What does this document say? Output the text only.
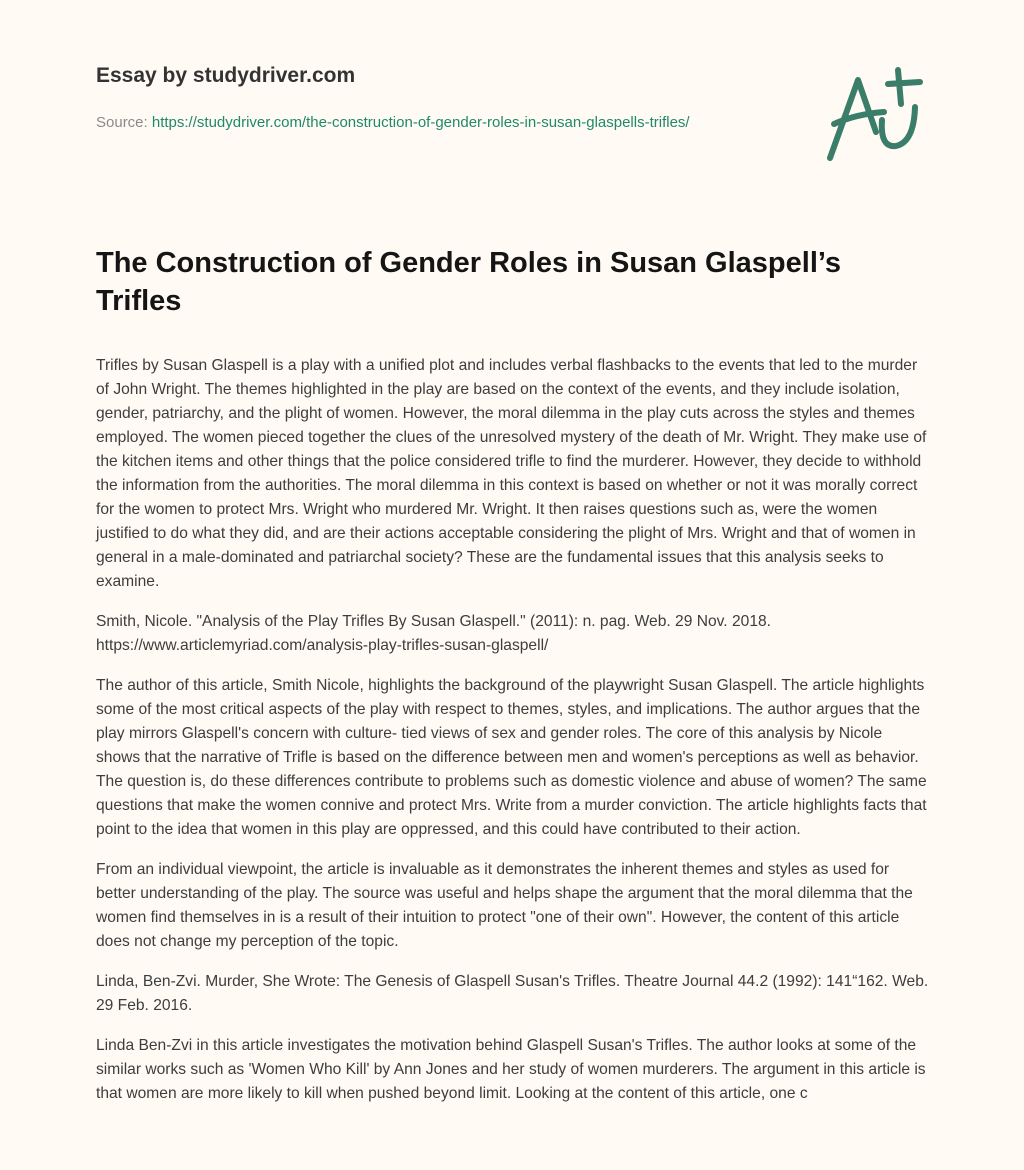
Essay by studydriver.com
Source: https://studydriver.com/the-construction-of-gender-roles-in-susan-glaspells-trifles/
The Construction of Gender Roles in Susan Glaspell’s Trifles

Trifles by Susan Glaspell is a play with a unified plot and includes verbal flashbacks to the events that led to the murder of John Wright. The themes highlighted in the play are based on the context of the events, and they include isolation, gender, patriarchy, and the plight of women. However, the moral dilemma in the play cuts across the styles and themes employed. The women pieced together the clues of the unresolved mystery of the death of Mr. Wright. They make use of the kitchen items and other things that the police considered trifle to find the murderer. However, they decide to withhold the information from the authorities. The moral dilemma in this context is based on whether or not it was morally correct for the women to protect Mrs. Wright who murdered Mr. Wright. It then raises questions such as, were the women justified to do what they did, and are their actions acceptable considering the plight of Mrs. Wright and that of women in general in a male-dominated and patriarchal society? These are the fundamental issues that this analysis seeks to examine.

Smith, Nicole. "Analysis of the Play Trifles By Susan Glaspell." (2011): n. pag. Web. 29 Nov. 2018. https://www.articlemyriad.com/analysis-play-trifles-susan-glaspell/

The author of this article, Smith Nicole, highlights the background of the playwright Susan Glaspell. The article highlights some of the most critical aspects of the play with respect to themes, styles, and implications. The author argues that the play mirrors Glaspell's concern with culture- tied views of sex and gender roles. The core of this analysis by Nicole shows that the narrative of Trifle is based on the difference between men and women's perceptions as well as behavior. The question is, do these differences contribute to problems such as domestic violence and abuse of women? The same questions that make the women connive and protect Mrs. Write from a murder conviction. The article highlights facts that point to the idea that women in this play are oppressed, and this could have contributed to their action.

From an individual viewpoint, the article is invaluable as it demonstrates the inherent themes and styles as used for better understanding of the play. The source was useful and helps shape the argument that the moral dilemma that the women find themselves in is a result of their intuition to protect "one of their own". However, the content of this article does not change my perception of the topic.

Linda, Ben-Zvi. Murder, She Wrote: The Genesis of Glaspell Susan's Trifles. Theatre Journal 44.2 (1992): 141“162. Web. 29 Feb. 2016.

Linda Ben-Zvi in this article investigates the motivation behind Glaspell Susan's Trifles. The author looks at some of the similar works such as 'Women Who Kill' by Ann Jones and her study of women murderers. The argument in this article is that women are more likely to kill when pushed beyond limit. Looking at the content of this article, one c
